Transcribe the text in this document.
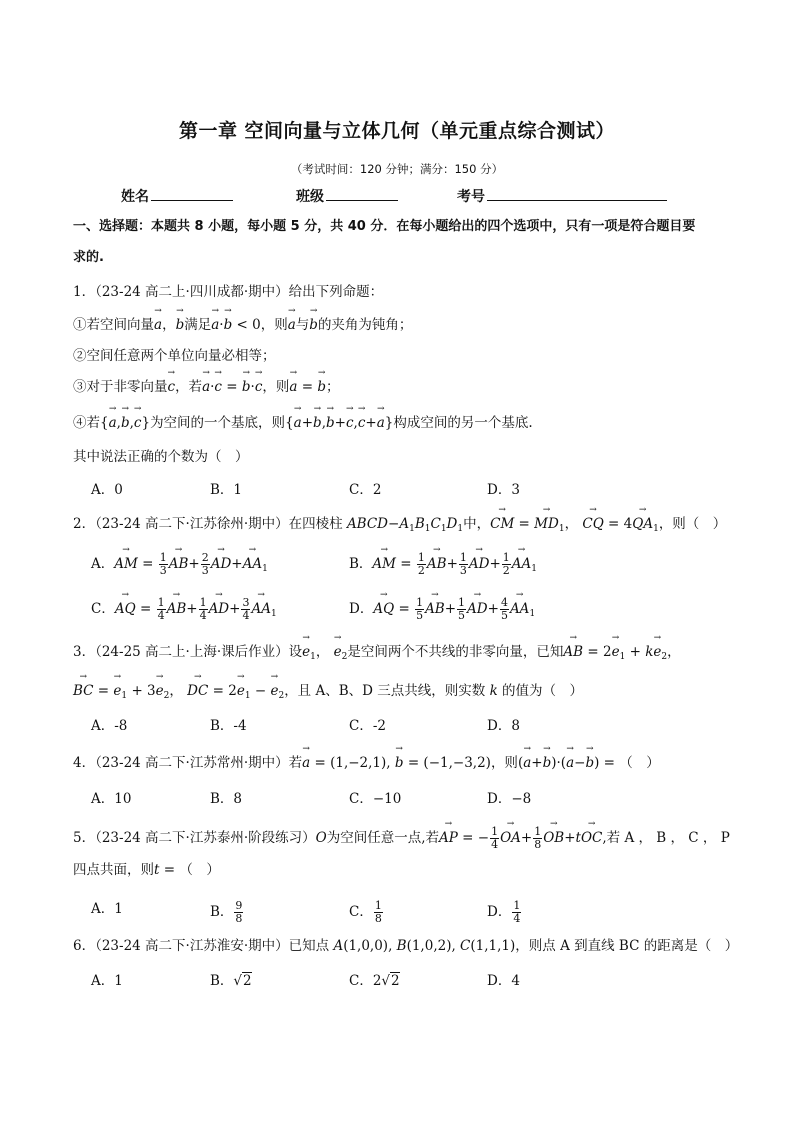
第一章 空间向量与立体几何（单元重点综合测试）
（考试时间：120 分钟；满分：150 分）
姓名	班级	考号
一、选择题：本题共 8 小题，每小题 5 分，共 40 分．在每小题给出的四个选项中，只有一项是符合题目要
求的.
1．（23-24 高二上·四川成都·期中）给出下列命题：
①若空间向量→ a，→ b满足→ a·→ b < 0，则→ a与→ b的夹角为钝角；
②空间任意两个单位向量必相等；
③对于非零向量→ c，若→ a·→ c = → b·→ c，则→ a = → b；
④若{→ a,→ b,→ c}为空间的一个基底，则{→ a+→ b,→ b+→ c,→ c+→ a}构成空间的另一个基底.
其中说法正确的个数为（　）
A．0	B．1	C．2	D．3
2．（23-24 高二下·江苏徐州·期中）在四棱柱 $ABCD-A_1B_1C_1D_1$中，→ CM = → $MD_1$， → CQ = $4\to QA_1$，则（　）
A．→ AM = $\frac{1}{3}$
→ $AB+ \frac{2}{3}$
→ $AD+\to AA_1$	B．→ AM = $\frac{1}{2}$
→ $AB+ \frac{1}{3}$
→ $AD+ \frac{1}{2}$
→ $AA_1$
C．→ AQ = $\frac{1}{4}$
→ $AB+ \frac{1}{4}$
→ $AD+ \frac{3}{4}$
→ $AA_1$	D．→ AQ = $\frac{1}{5}$
→ $AB+ \frac{1}{5}$
→ $AD+ \frac{4}{5}$
→ $AA_1$
3．（24-25 高二上·上海·课后作业）设→ $e_1$， → $e_2$是空间两个不共线的非零向量，已知→ AB = $2\to e_1 + k\to e_2$，
→ BC = → $e_1 + 3\to e_2$， → DC = $2\to e_1$ − → $e_2$，且 A、B、D 三点共线，则实数 k 的值为（　）
A．-8	B．-4	C．-2	D．8
4．（23-24 高二下·江苏常州·期中）若→ a = (1,−2,1), → b = (−1,−3,2)，则(→ a+→ b)·(→ a−→ b) = （　）
A．10	B．8	C．−10	D．−8
5．（23-24 高二下·江苏泰州·阶段练习）O为空间任意一点,若→ AP = − $\frac{1}{4}$
→ $OA+ \frac{1}{8}$
→ OB+t→ OC,若 A ， B ， C ， P
四点共面，则t = （　）
A．1	B． $\frac{9}{8}$	C． $\frac{1}{8}$	D． $\frac{1}{4}$
6．（23-24 高二下·江苏淮安·期中）已知点 A(1,0,0), B(1,0,2), C(1,1,1)，则点 A 到直线 BC 的距离是（　）
A．1	B．√2	C．2√2	D．4
